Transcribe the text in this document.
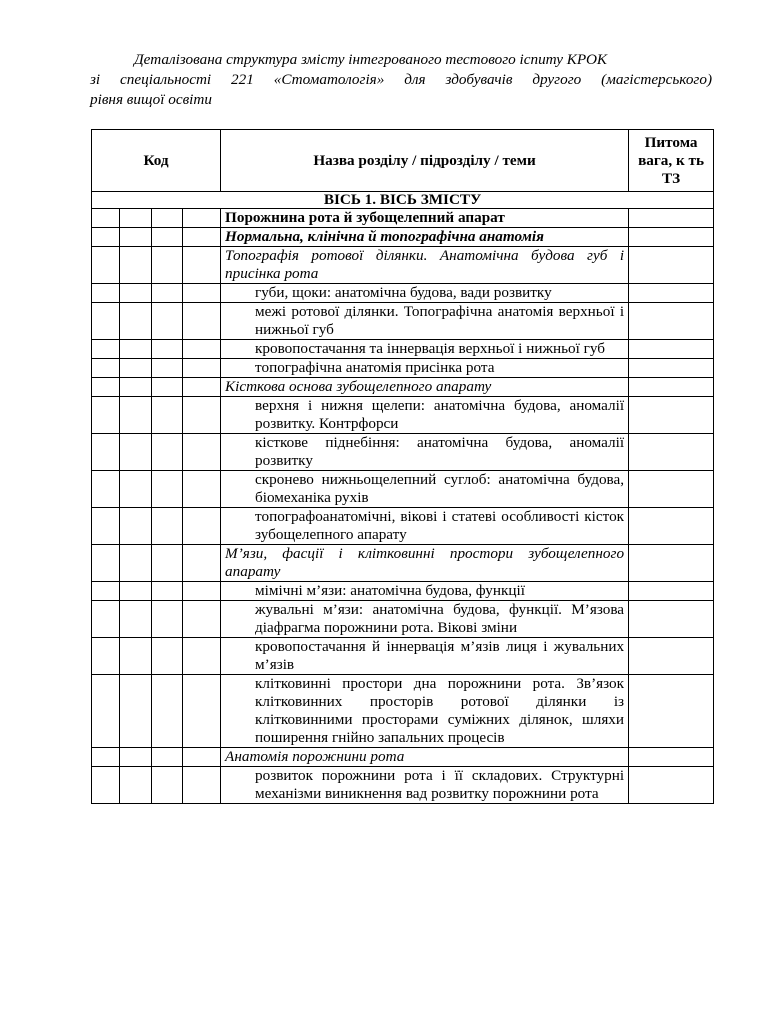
Деталізована структура змісту інтегрованого тестового іспиту КРОК
зі спеціальності 221 «Стоматологія» для здобувачів другого (магістерського)
рівня вищої освіти
Код				Назва розділу / підрозділу / теми	Питома вага, к ть ТЗ
ВІСЬ 1. ВІСЬ ЗМІСТУ					
				Порожнина рота й зубощелепний апарат	
				Нормальна, клінічна й топографічна анатомія	
				Топографія ротової ділянки. Анатомічна будова губ і присінка рота	
				губи, щоки: анатомічна будова, вади розвитку	
				межі ротової ділянки. Топографічна анатомія верхньої і нижньої губ	
				кровопостачання та іннервація верхньої і нижньої губ	
				топографічна анатомія присінка рота	
				Кісткова основа зубощелепного апарату	
				верхня і нижня щелепи: анатомічна будова, аномалії розвитку. Контрфорси	
				кісткове піднебіння: анатомічна будова, аномалії розвитку	
				скронево нижньощелепний суглоб: анатомічна будова, біомеханіка рухів	
				топографоанатомічні, вікові і статеві особливості кісток зубощелепного апарату	
				М’язи, фасції і клітковинні простори зубощелепного апарату	
				мімічні м’язи: анатомічна будова, функції	
				жувальні м’язи: анатомічна будова, функції. М’язова діафрагма порожнини рота. Вікові зміни	
				кровопостачання й іннервація м’язів лиця і жувальних м’язів	
				клітковинні простори дна порожнини рота. Зв’язок клітковинних просторів ротової ділянки із клітковинними просторами суміжних ділянок, шляхи поширення гнійно запальних процесів	
				Анатомія порожнини рота	
				розвиток порожнини рота і її складових. Структурні механізми виникнення вад розвитку порожнини рота	
